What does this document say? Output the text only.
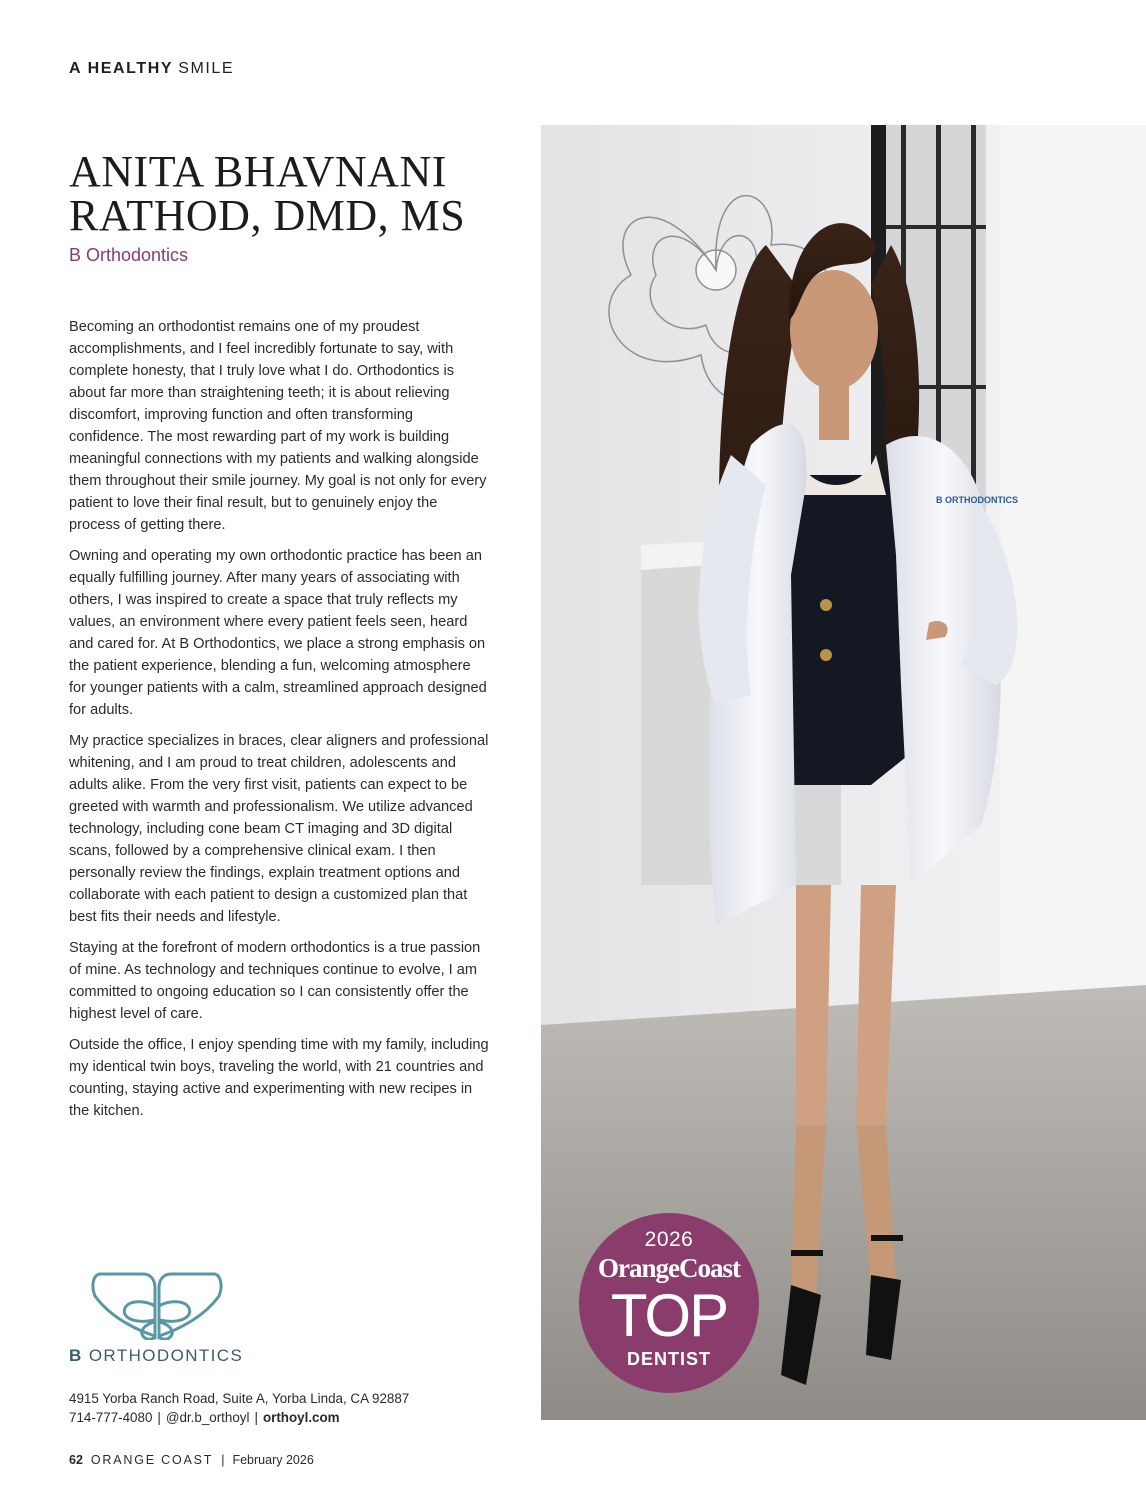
A HEALTHY SMILE
ANITA BHAVNANI
RATHOD, DMD, MS
B Orthodontics

Becoming an orthodontist remains one of my proudest accomplishments, and I feel incredibly fortunate to say, with complete honesty, that I truly love what I do. Orthodontics is about far more than straightening teeth; it is about relieving discomfort, improving function and often transforming confidence. The most rewarding part of my work is building meaningful connections with my patients and walking alongside them throughout their smile journey. My goal is not only for every patient to love their final result, but to genuinely enjoy the process of getting there.

Owning and operating my own orthodontic practice has been an equally fulfilling journey. After many years of associating with others, I was inspired to create a space that truly reflects my values, an environment where every patient feels seen, heard and cared for. At B Orthodontics, we place a strong emphasis on the patient experience, blending a fun, welcoming atmosphere for younger patients with a calm, streamlined approach designed for adults.

My practice specializes in braces, clear aligners and professional whitening, and I am proud to treat children, adolescents and adults alike. From the very first visit, patients can expect to be greeted with warmth and professionalism. We utilize advanced technology, including cone beam CT imaging and 3D digital scans, followed by a comprehensive clinical exam. I then personally review the findings, explain treatment options and collaborate with each patient to design a customized plan that best fits their needs and lifestyle.

Staying at the forefront of modern orthodontics is a true passion of mine. As technology and techniques continue to evolve, I am committed to ongoing education so I can consistently offer the highest level of care.

Outside the office, I enjoy spending time with my family, including my identical twin boys, traveling the world, with 21 countries and counting, staying active and experimenting with new recipes in the kitchen.

B ORTHODONTICS
4915 Yorba Ranch Road, Suite A, Yorba Linda, CA 92887
714-777-4080 | @dr.b_orthoyl | orthoyl.com
62 ORANGE COAST | February 2026
B ORTHODONTICS
2026
OrangeCoast
TOP
DENTIST
